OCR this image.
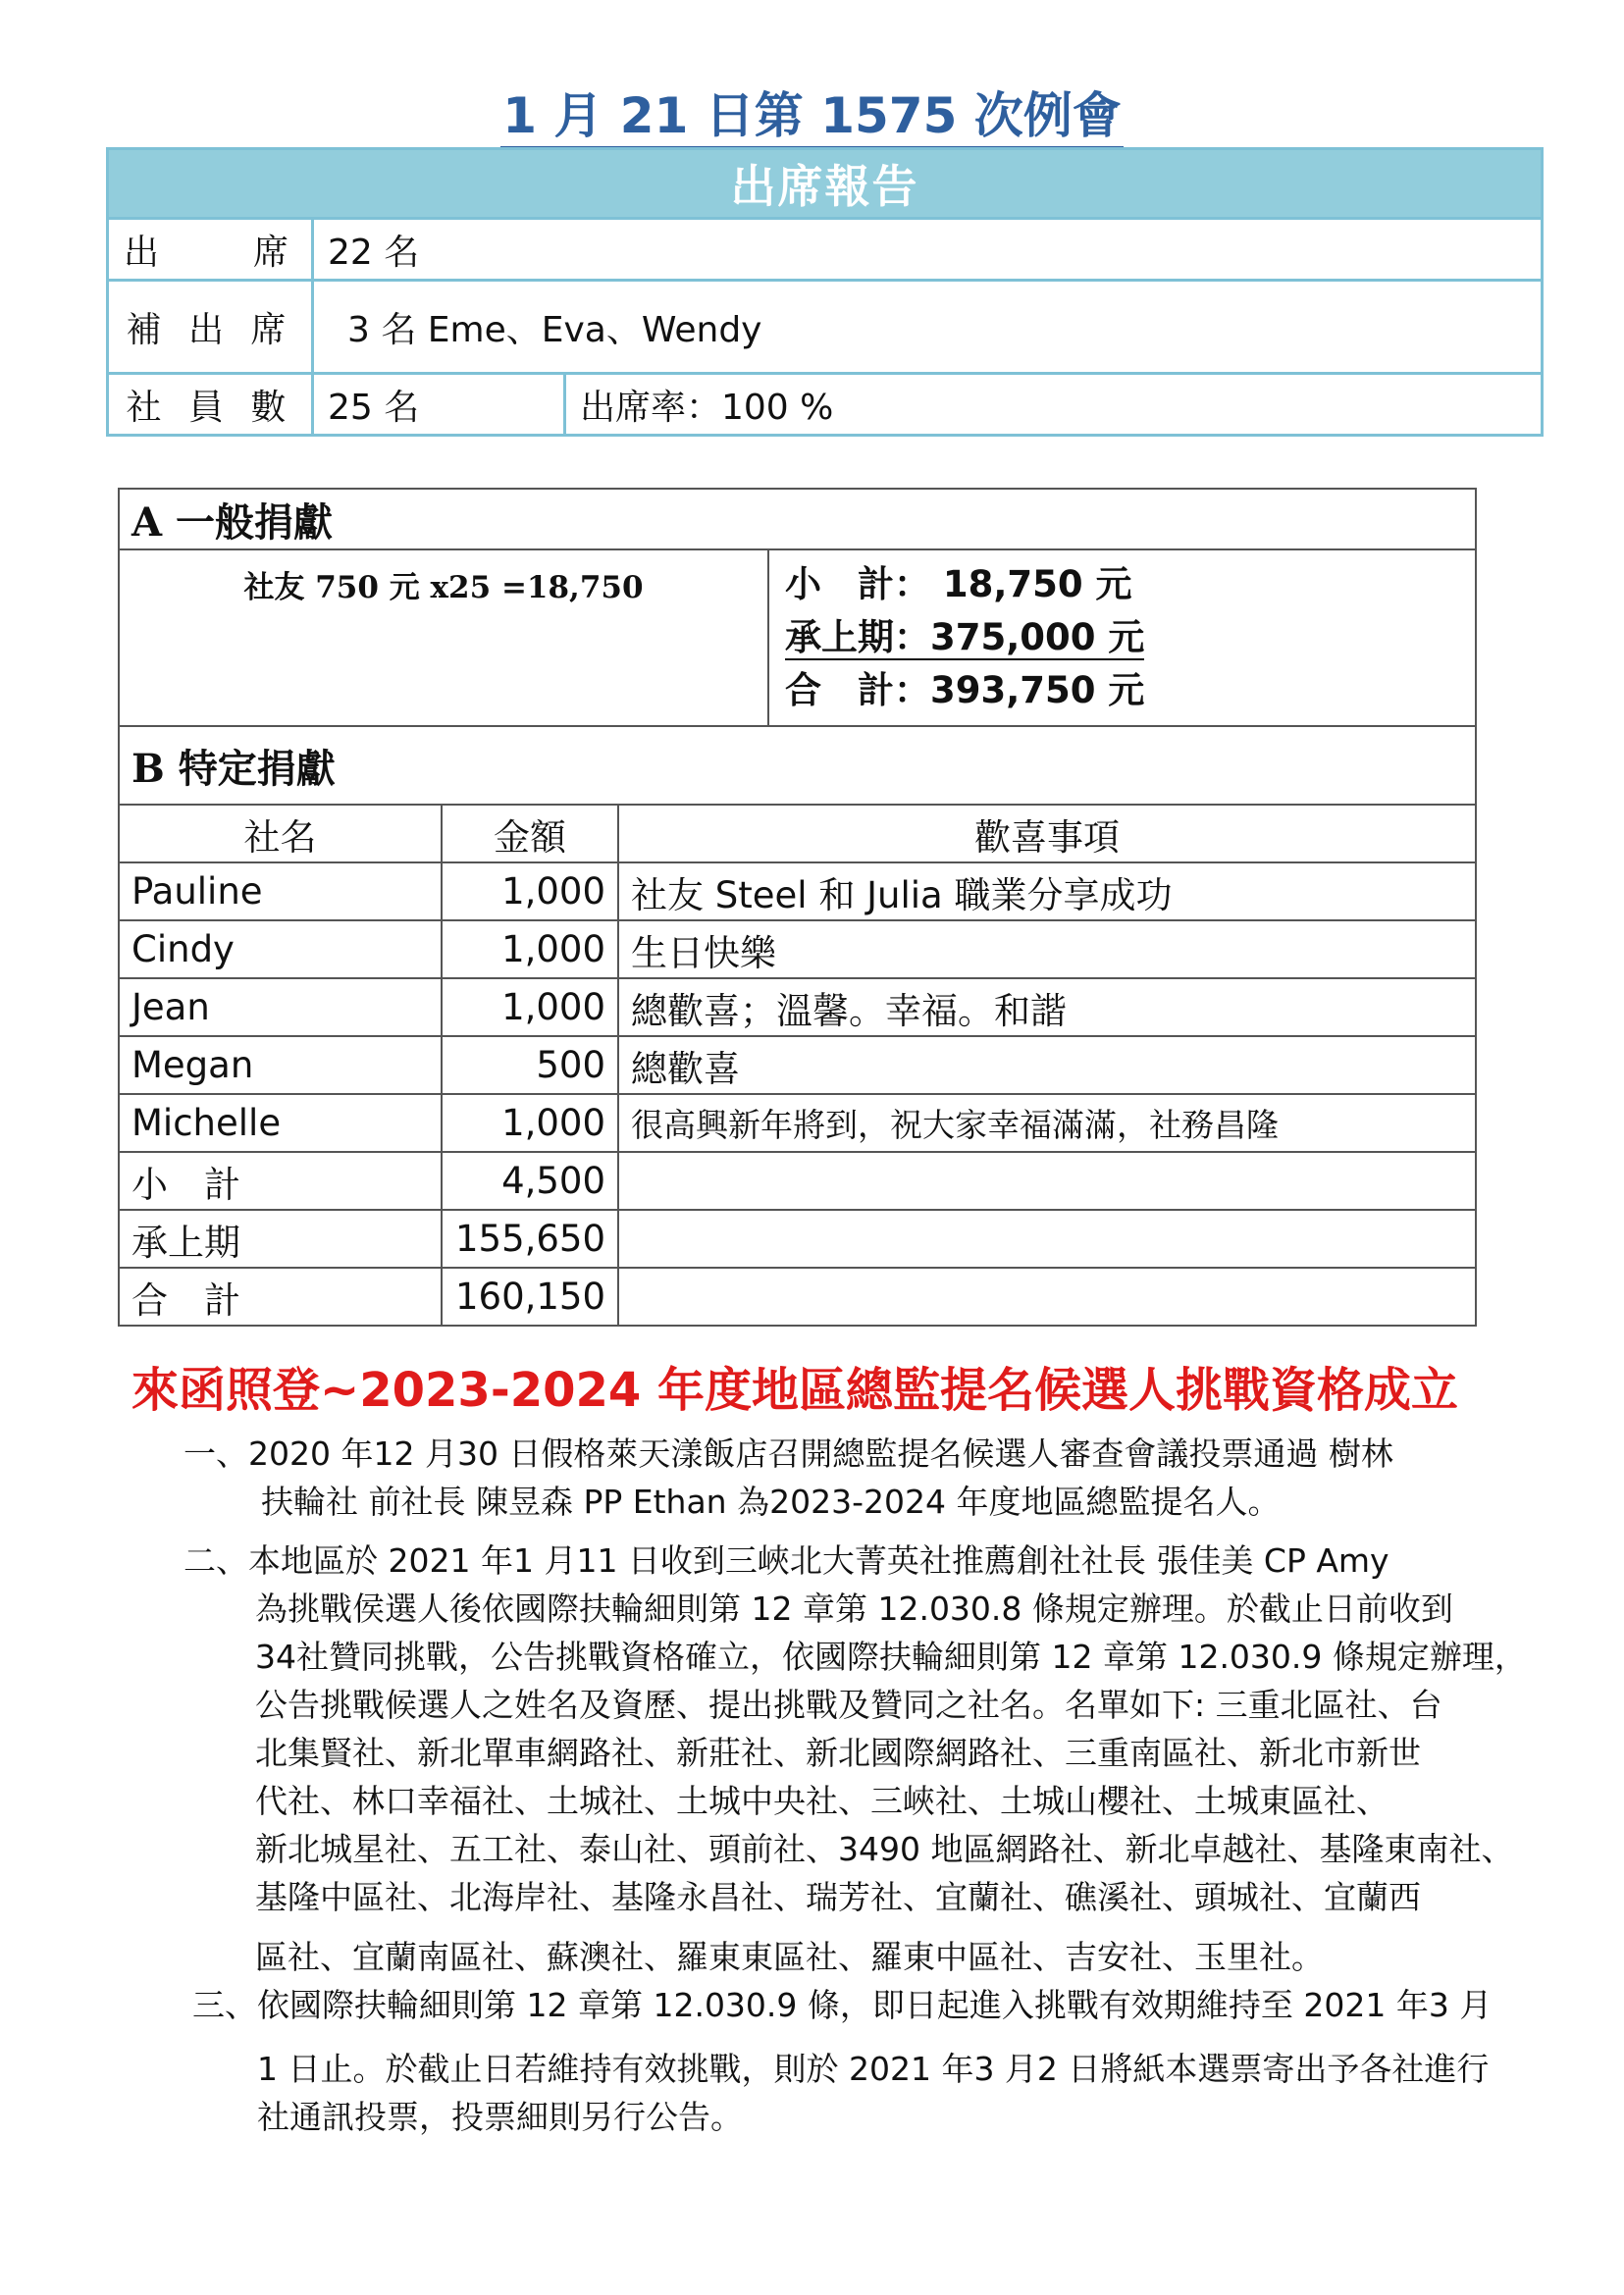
1 月 21 日第 1575 次例會
出席報告		
出　　席	22 名	
補 出 席	3 名 Eme、Eva、Wendy	
社 員 數	25 名	出席率：100 %
A 一般捐獻			
社友 750 元 x25 =18,750			小　計： 18,750 元
承上期：375,000 元
合　計：393,750 元

B 特定捐獻			
社名	金額	歡喜事項	
Pauline	1,000	社友 Steel 和 Julia 職業分享成功	
Cindy	1,000	生日快樂	
Jean	1,000	總歡喜；溫馨。幸福。和諧	
Megan	500	總歡喜	
Michelle	1,000	很高興新年將到，祝大家幸福滿滿，社務昌隆	
小　計	4,500		
承上期	155,650		
合　計	160,150		
來函照登~2023-2024 年度地區總監提名候選人挑戰資格成立
一、2020 年12 月30 日假格萊天漾飯店召開總監提名候選人審查會議投票通過 樹林
扶輪社 前社長 陳昱森 PP Ethan 為2023-2024 年度地區總監提名人。
二、本地區於 2021 年1 月11 日收到三峽北大菁英社推薦創社社長 張佳美 CP Amy
為挑戰侯選人後依國際扶輪細則第 12 章第 12.030.8 條規定辦理。於截止日前收到
34社贊同挑戰，公告挑戰資格確立，依國際扶輪細則第 12 章第 12.030.9 條規定辦理，
公告挑戰候選人之姓名及資歷、提出挑戰及贊同之社名。名單如下: 三重北區社、台
北集賢社、新北單車網路社、新莊社、新北國際網路社、三重南區社、新北市新世
代社、林口幸福社、土城社、土城中央社、三峽社、土城山櫻社、土城東區社、
新北城星社、五工社、泰山社、頭前社、3490 地區網路社、新北卓越社、基隆東南社、
基隆中區社、北海岸社、基隆永昌社、瑞芳社、宜蘭社、礁溪社、頭城社、宜蘭西
區社、宜蘭南區社、蘇澳社、羅東東區社、羅東中區社、吉安社、玉里社。
三、依國際扶輪細則第 12 章第 12.030.9 條，即日起進入挑戰有效期維持至 2021 年3 月
1 日止。於截止日若維持有效挑戰，則於 2021 年3 月2 日將紙本選票寄出予各社進行
社通訊投票，投票細則另行公告。
